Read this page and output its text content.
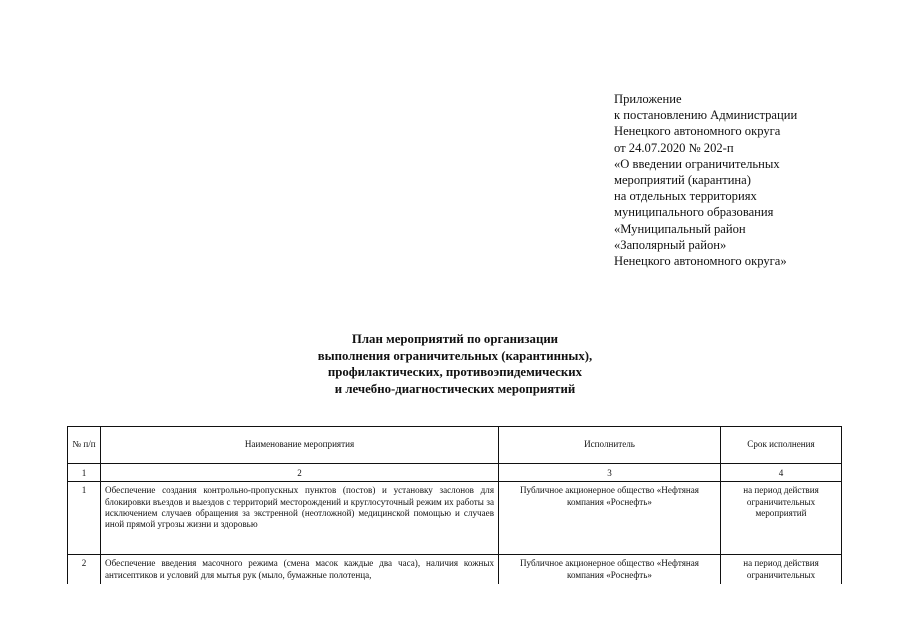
Приложение
к постановлению Администрации
Ненецкого автономного округа
от 24.07.2020 № 202-п
«О введении ограничительных
мероприятий (карантина)
на отдельных территориях
муниципального образования
«Муниципальный район
«Заполярный район»
Ненецкого автономного округа»
План мероприятий по организации
выполнения ограничительных (карантинных),
профилактических, противоэпидемических
и лечебно-диагностических мероприятий
№ п/п	Наименование мероприятия	Исполнитель	Срок исполнения
1	2	3	4
1	Обеспечение создания контрольно-пропускных пунктов (постов) и установку заслонов для блокировки въездов и выездов с территорий месторождений и круглосуточный режим их работы за исключением случаев обращения за экстренной (неотложной) медицинской помощью и случаев иной прямой угрозы жизни и здоровью	Публичное акционерное общество «Нефтяная компания «Роснефть»	на период действия ограничительных мероприятий
2	Обеспечение введения масочного режима (смена масок каждые два часа), наличия кожных антисептиков и условий для мытья рук (мыло, бумажные полотенца,	Публичное акционерное общество «Нефтяная компания «Роснефть»	на период действия ограничительных
